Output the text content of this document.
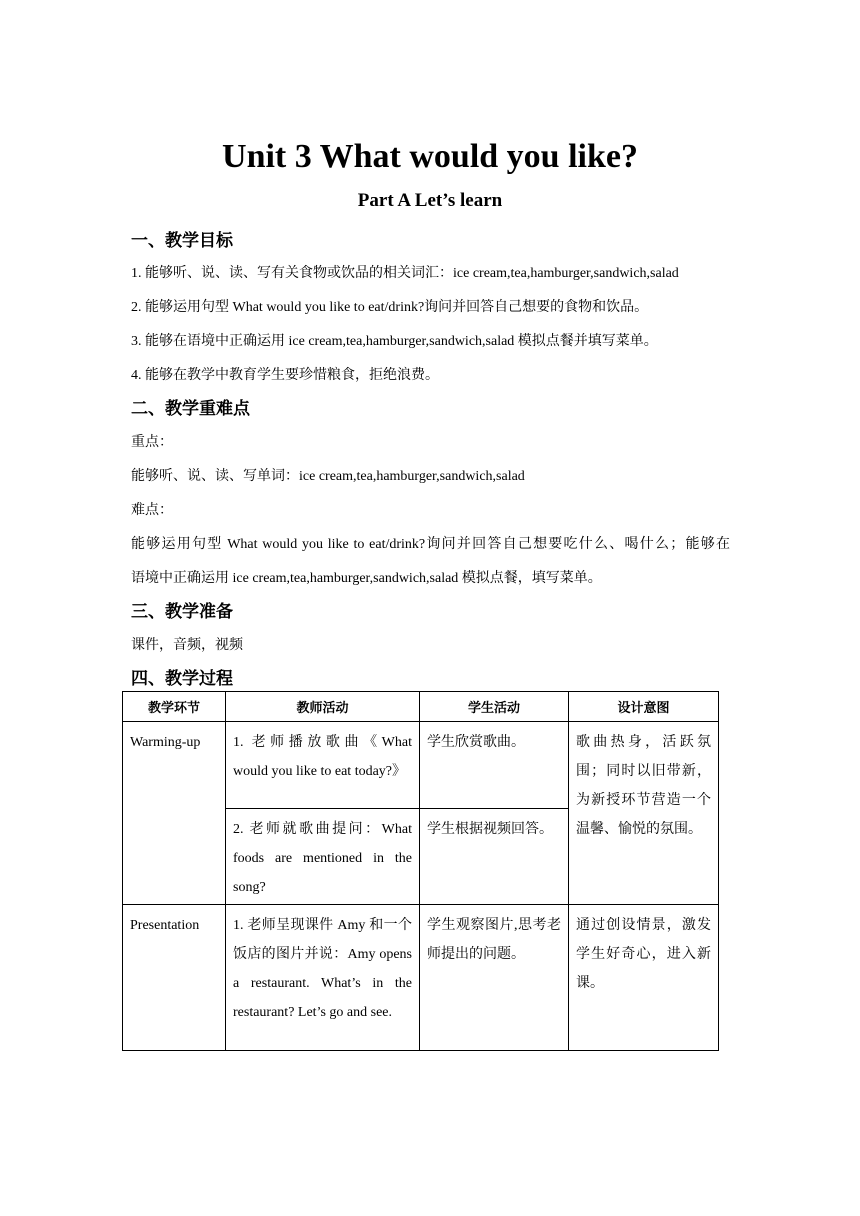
Unit 3 What would you like?
Part A Let’s learn
一、教学目标
1. 能够听、说、读、写有关食物或饮品的相关词汇：ice cream,tea,hamburger,sandwich,salad
2. 能够运用句型 What would you like to eat/drink?询问并回答自己想要的食物和饮品。
3. 能够在语境中正确运用 ice cream,tea,hamburger,sandwich,salad 模拟点餐并填写菜单。
4. 能够在教学中教育学生要珍惜粮食，拒绝浪费。
二、教学重难点
重点：
能够听、说、读、写单词：ice cream,tea,hamburger,sandwich,salad
难点：
能够运用句型 What would you like to eat/drink?询问并回答自己想要吃什么、喝什么；能够在
语境中正确运用 ice cream,tea,hamburger,sandwich,salad 模拟点餐，填写菜单。
三、教学准备
课件，音频，视频
四、教学过程
教学环节	教师活动	学生活动	设计意图
Warming-up	1. 老师播放歌曲《What would you like to eat today?》	学生欣赏歌曲。	歌曲热身，活跃氛围；同时以旧带新，为新授环节营造一个温馨、愉悦的氛围。
	2. 老师就歌曲提问：What foods are mentioned in the song?	学生根据视频回答。	
Presentation	1. 老师呈现课件 Amy 和一个饭店的图片并说：Amy opens a restaurant. What’s in the restaurant? Let’s go and see.	学生观察图片,思考老师提出的问题。	通过创设情景，激发学生好奇心，进入新课。
